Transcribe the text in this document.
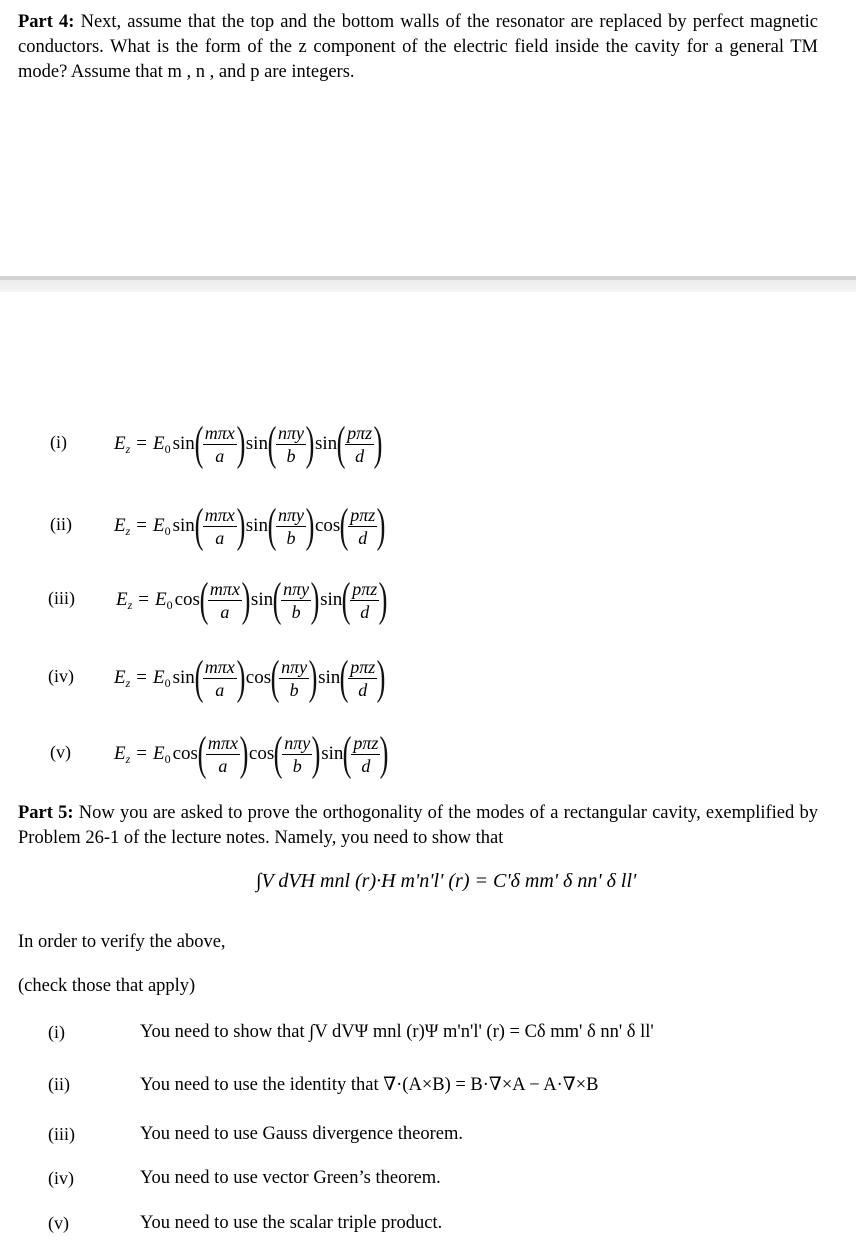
Part 4: Next, assume that the top and the bottom walls of the resonator are replaced by perfect magnetic conductors. What is the form of the z component of the electric field inside the cavity for a general TM mode? Assume that m , n , and p are integers.
(i) E z = E 0 sin ( $\frac{\text{mπx}}{a}$ ) sin ( $\frac{\text{nπy}}{b}$ ) sin ( $\frac{\text{pπz}}{d}$ )
(ii) E z = E 0 sin ( $\frac{\text{mπx}}{a}$ ) sin ( $\frac{\text{nπy}}{b}$ ) cos ( $\frac{\text{pπz}}{d}$ )
(iii) E z = E 0 cos ( $\frac{\text{mπx}}{a}$ ) sin ( $\frac{\text{nπy}}{b}$ ) sin ( $\frac{\text{pπz}}{d}$ )
(iv) E z = E 0 sin ( $\frac{\text{mπx}}{a}$ ) cos ( $\frac{\text{nπy}}{b}$ ) sin ( $\frac{\text{pπz}}{d}$ )
(v) E z = E 0 cos ( $\frac{\text{mπx}}{a}$ ) cos ( $\frac{\text{nπy}}{b}$ ) sin ( $\frac{\text{pπz}}{d}$ )
Part 5: Now you are asked to prove the orthogonality of the modes of a rectangular cavity, exemplified by Problem 26-1 of the lecture notes. Namely, you need to show that
∫V dVH mnl (r)·H m'n'l' (r) = C'δ mm' δ nn' δ ll'
In order to verify the above,
(check those that apply)
(i)	You need to show that ∫V dVΨ mnl (r)Ψ m'n'l' (r) = Cδ mm' δ nn' δ ll'
(ii)	You need to use the identity that ∇·(A×B) = B·∇×A − A·∇×B
(iii)	You need to use Gauss divergence theorem.
(iv)	You need to use vector Green’s theorem.
(v)	You need to use the scalar triple product.
